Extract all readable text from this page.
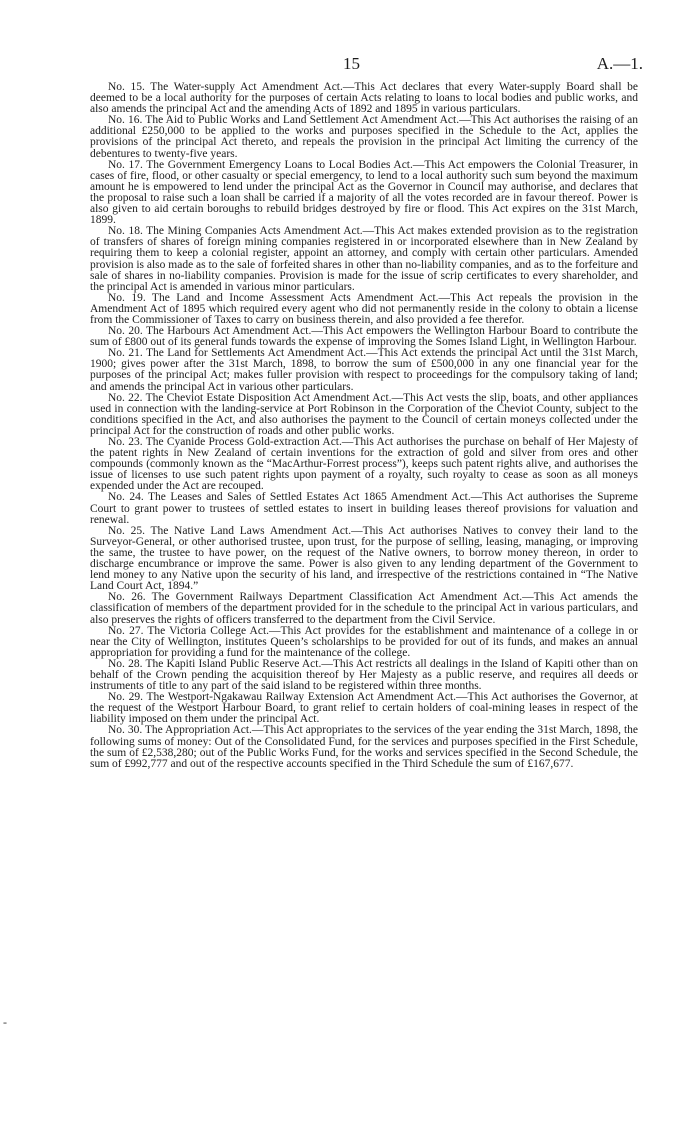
15	A.—1.

No. 15. The Water-supply Act Amendment Act.—This Act declares that every Water-supply Board shall be deemed to be a local authority for the purposes of certain Acts relating to loans to local bodies and public works, and also amends the principal Act and the amending Acts of 1892 and 1895 in various particulars.

No. 16. The Aid to Public Works and Land Settlement Act Amendment Act.—This Act authorises the raising of an additional £250,000 to be applied to the works and purposes specified in the Schedule to the Act, applies the provisions of the principal Act thereto, and repeals the provision in the principal Act limiting the currency of the debentures to twenty-five years.

No. 17. The Government Emergency Loans to Local Bodies Act.—This Act empowers the Colonial Treasurer, in cases of fire, flood, or other casualty or special emergency, to lend to a local authority such sum beyond the maximum amount he is empowered to lend under the principal Act as the Governor in Council may authorise, and declares that the proposal to raise such a loan shall be carried if a majority of all the votes recorded are in favour thereof. Power is also given to aid certain boroughs to rebuild bridges destroyed by fire or flood. This Act expires on the 31st March, 1899.

No. 18. The Mining Companies Acts Amendment Act.—This Act makes extended provision as to the registration of transfers of shares of foreign mining companies registered in or incorporated elsewhere than in New Zealand by requiring them to keep a colonial register, appoint an attorney, and comply with certain other particulars. Amended provision is also made as to the sale of forfeited shares in other than no-liability companies, and as to the forfeiture and sale of shares in no-liability companies. Provision is made for the issue of scrip certificates to every shareholder, and the principal Act is amended in various minor particulars.

No. 19. The Land and Income Assessment Acts Amendment Act.—This Act repeals the provision in the Amendment Act of 1895 which required every agent who did not permanently reside in the colony to obtain a license from the Commissioner of Taxes to carry on business therein, and also provided a fee therefor.

No. 20. The Harbours Act Amendment Act.—This Act empowers the Wellington Harbour Board to contribute the sum of £800 out of its general funds towards the expense of improving the Somes Island Light, in Wellington Harbour.

No. 21. The Land for Settlements Act Amendment Act.—This Act extends the principal Act until the 31st March, 1900; gives power after the 31st March, 1898, to borrow the sum of £500,000 in any one financial year for the purposes of the principal Act; makes fuller provision with respect to proceedings for the compulsory taking of land; and amends the principal Act in various other particulars.

No. 22. The Cheviot Estate Disposition Act Amendment Act.—This Act vests the slip, boats, and other appliances used in connection with the landing-service at Port Robinson in the Corporation of the Cheviot County, subject to the conditions specified in the Act, and also authorises the payment to the Council of certain moneys collected under the principal Act for the construction of roads and other public works.

No. 23. The Cyanide Process Gold-extraction Act.—This Act authorises the purchase on behalf of Her Majesty of the patent rights in New Zealand of certain inventions for the extraction of gold and silver from ores and other compounds (commonly known as the “MacArthur-Forrest process”), keeps such patent rights alive, and authorises the issue of licenses to use such patent rights upon payment of a royalty, such royalty to cease as soon as all moneys expended under the Act are recouped.

No. 24. The Leases and Sales of Settled Estates Act 1865 Amendment Act.—This Act authorises the Supreme Court to grant power to trustees of settled estates to insert in building leases thereof provisions for valuation and renewal.

No. 25. The Native Land Laws Amendment Act.—This Act authorises Natives to convey their land to the Surveyor-General, or other authorised trustee, upon trust, for the purpose of selling, leasing, managing, or improving the same, the trustee to have power, on the request of the Native owners, to borrow money thereon, in order to discharge encumbrance or improve the same. Power is also given to any lending department of the Government to lend money to any Native upon the security of his land, and irrespective of the restrictions contained in “The Native Land Court Act, 1894.”

No. 26. The Government Railways Department Classification Act Amendment Act.—This Act amends the classification of members of the department provided for in the schedule to the principal Act in various particulars, and also preserves the rights of officers transferred to the department from the Civil Service.

No. 27. The Victoria College Act.—This Act provides for the establishment and maintenance of a college in or near the City of Wellington, institutes Queen’s scholarships to be provided for out of its funds, and makes an annual appropriation for providing a fund for the maintenance of the college.

No. 28. The Kapiti Island Public Reserve Act.—This Act restricts all dealings in the Island of Kapiti other than on behalf of the Crown pending the acquisition thereof by Her Majesty as a public reserve, and requires all deeds or instruments of title to any part of the said island to be registered within three months.

No. 29. The Westport-Ngakawau Railway Extension Act Amendment Act.—This Act authorises the Governor, at the request of the Westport Harbour Board, to grant relief to certain holders of coal-mining leases in respect of the liability imposed on them under the principal Act.

No. 30. The Appropriation Act.—This Act appropriates to the services of the year ending the 31st March, 1898, the following sums of money: Out of the Consolidated Fund, for the services and purposes specified in the First Schedule, the sum of £2,538,280; out of the Public Works Fund, for the works and services specified in the Second Schedule, the sum of £992,777 and out of the respective accounts specified in the Third Schedule the sum of £167,677.

-
